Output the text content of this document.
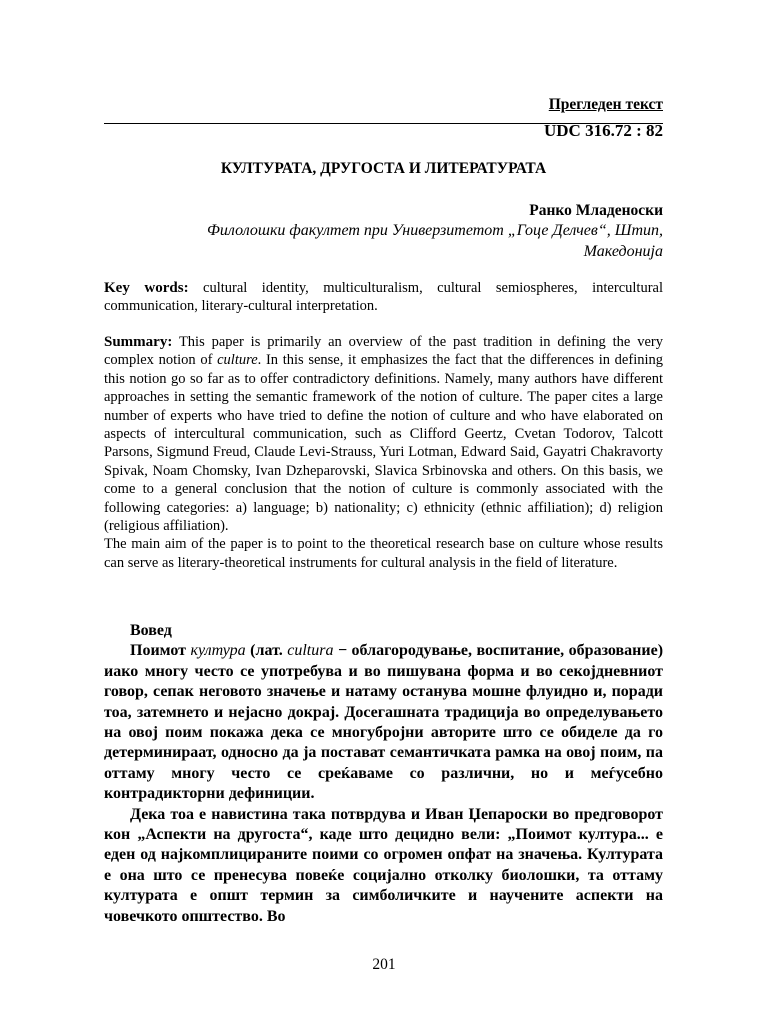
Прегледен текст
UDC 316.72 : 82
КУЛТУРАТА, ДРУГОСТА И ЛИТЕРАТУРАТА
Ранко Младеноски
Филолошки факултет при Универзитетот „Гоце Делчев“, Штип, Македонија

Key words: cultural identity, multiculturalism, cultural semiospheres, intercultural communication, literary-cultural interpretation.

Summary: This paper is primarily an overview of the past tradition in defining the very complex notion of culture. In this sense, it emphasizes the fact that the differences in defining this notion go so far as to offer contradictory definitions. Namely, many authors have different approaches in setting the semantic framework of the notion of culture. The paper cites a large number of experts who have tried to define the notion of culture and who have elaborated on aspects of intercultural communication, such as Clifford Geertz, Cvetan Todorov, Talcott Parsons, Sigmund Freud, Claude Levi-Strauss, Yuri Lotman, Edward Said, Gayatri Chakravorty Spivak, Noam Chomsky, Ivan Dzheparovski, Slavica Srbinovska and others. On this basis, we come to a general conclusion that the notion of culture is commonly associated with the following categories: a) language; b) nationality; c) ethnicity (ethnic affiliation); d) religion (religious affiliation).

The main aim of the paper is to point to the theoretical research base on culture whose results can serve as literary-theoretical instruments for cultural analysis in the field of literature.

Вовед

Поимот култура (лат. cultura − облагородување, воспитание, образование) иако многу често се употребува и во пишувана форма и во секојдневниот говор, сепак неговото значење и натаму останува мошне флуидно и, поради тоа, затемнето и нејасно докрај. Досегашната традиција во опредeлувањето на овој поим покажа дека се многубројни авторите што се обиделе да го детерминираат, односно да ја постават семантичката рамка на овој поим, па оттаму многу често се среќаваме со различни, но и меѓусебно контрадикторни дефиниции.

Дека тоа е навистина така потврдува и Иван Џепароски во предговорот кон „Аспекти на другоста“, каде што децидно вели: „Поимот култура... е еден од најкомплицираните поими со огромен опфат на значења. Културата е она што се пренесува повеќе социјално отколку биолошки, та оттаму културата е општ термин за симболичките и научените аспекти на човечкото општество. Во

201
